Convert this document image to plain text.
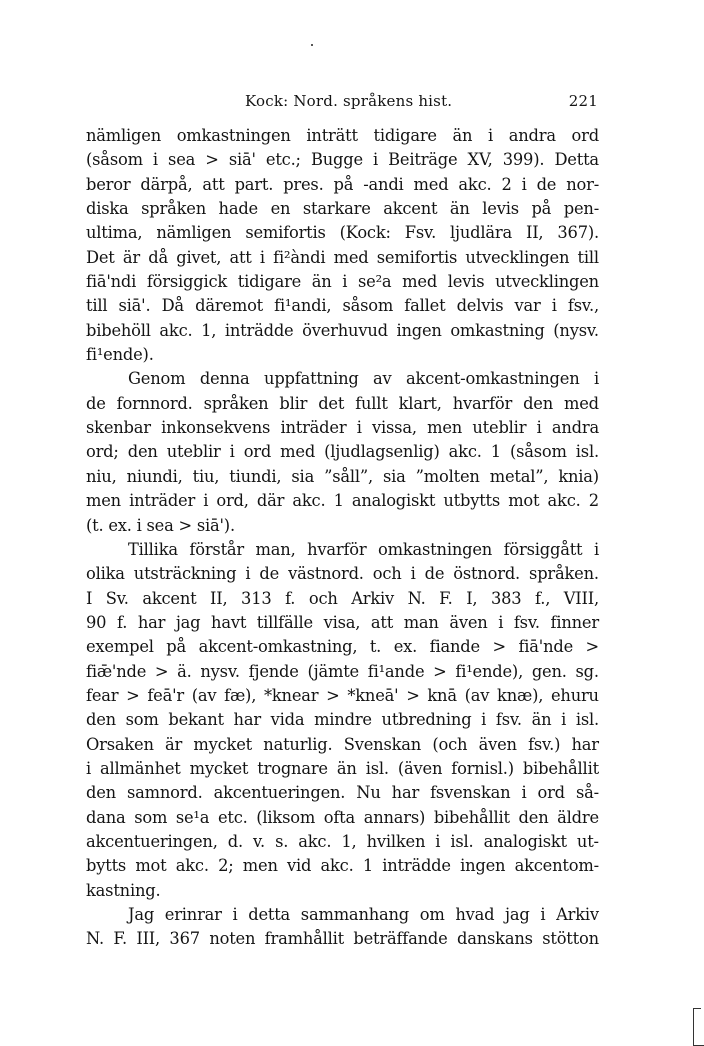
Kock: Nord. språkens hist.	221
nämligen omkastningen inträtt tidigare än i andra ord
(såsom i sea > siā' etc.; Bugge i Beiträge XV, 399). Detta
beror därpå, att part. pres. på -andi med akc. 2 i de nor-
diska språken hade en starkare akcent än levis på pen-
ultima, nämligen semifortis (Kock: Fsv. ljudlära II, 367).
Det är då givet, att i fi²àndi med semifortis utvecklingen till
fiā'ndi försiggick tidigare än i se²a med levis utvecklingen
till siā'. Då däremot fi¹andi, såsom fallet delvis var i fsv.,
bibehöll akc. 1, inträdde överhuvud ingen omkastning (nysv.
fi¹ende).
Genom denna uppfattning av akcent-omkastningen i
de fornnord. språken blir det fullt klart, hvarför den med
skenbar inkonsekvens inträder i vissa, men uteblir i andra
ord; den uteblir i ord med (ljudlagsenlig) akc. 1 (såsom isl.
niu, niundi, tiu, tiundi, sia ”såll”, sia ”molten metal”, knia)
men inträder i ord, där akc. 1 analogiskt utbytts mot akc. 2
(t. ex. i sea > siā').
Tillika förstår man, hvarför omkastningen försiggått i
olika utsträckning i de västnord. och i de östnord. språken.
I Sv. akcent II, 313 f. och Arkiv N. F. I, 383 f., VIII,
90 f. har jag havt tillfälle visa, att man även i fsv. finner
exempel på akcent-omkastning, t. ex. fiande > fiā'nde >
fiǣ'nde > ä. nysv. fjende (jämte fi¹ande > fi¹ende), gen. sg.
fear > feā'r (av fæ), *knear > *kneā' > knā (av knæ), ehuru
den som bekant har vida mindre utbredning i fsv. än i isl.
Orsaken är mycket naturlig. Svenskan (och även fsv.) har
i allmänhet mycket trognare än isl. (även fornisl.) bibehållit
den samnord. akcentueringen. Nu har fsvenskan i ord så-
dana som se¹a etc. (liksom ofta annars) bibehållit den äldre
akcentueringen, d. v. s. akc. 1, hvilken i isl. analogiskt ut-
bytts mot akc. 2; men vid akc. 1 inträdde ingen akcentom-
kastning.
Jag erinrar i detta sammanhang om hvad jag i Arkiv
N. F. III, 367 noten framhållit beträffande danskans stötton
